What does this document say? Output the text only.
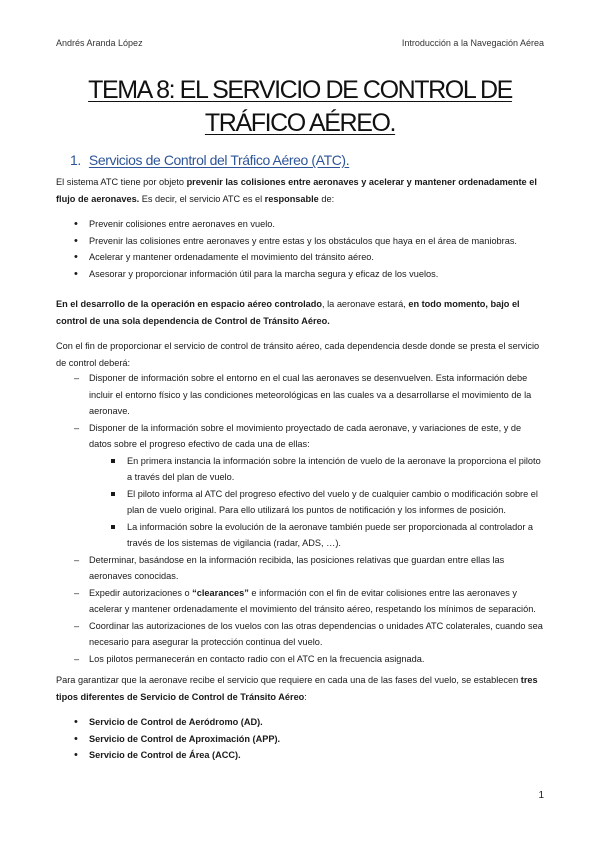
Andrés Aranda López	Introducción a la Navegación Aérea
TEMA 8: EL SERVICIO DE CONTROL DE
TRÁFICO AÉREO.
1. Servicios de Control del Tráfico Aéreo (ATC).

El sistema ATC tiene por objeto prevenir las colisiones entre aeronaves y acelerar y mantener ordenadamente el flujo de aeronaves. Es decir, el servicio ATC es el responsable de:

• Prevenir colisiones entre aeronaves en vuelo.
• Prevenir las colisiones entre aeronaves y entre estas y los obstáculos que haya en el área de maniobras.
• Acelerar y mantener ordenadamente el movimiento del tránsito aéreo.
• Asesorar y proporcionar información útil para la marcha segura y eficaz de los vuelos.

En el desarrollo de la operación en espacio aéreo controlado, la aeronave estará, en todo momento, bajo el control de una sola dependencia de Control de Tránsito Aéreo.

Con el fin de proporcionar el servicio de control de tránsito aéreo, cada dependencia desde donde se presta el servicio de control deberá:

– Disponer de información sobre el entorno en el cual las aeronaves se desenvuelven. Esta información debe incluir el entorno físico y las condiciones meteorológicas en las cuales va a desarrollarse el movimiento de la aeronave.
– Disponer de la información sobre el movimiento proyectado de cada aeronave, y variaciones de este, y de datos sobre el progreso efectivo de cada una de ellas:
En primera instancia la información sobre la intención de vuelo de la aeronave la proporciona el piloto a través del plan de vuelo.
El piloto informa al ATC del progreso efectivo del vuelo y de cualquier cambio o modificación sobre el plan de vuelo original. Para ello utilizará los puntos de notificación y los informes de posición.
La información sobre la evolución de la aeronave también puede ser proporcionada al controlador a través de los sistemas de vigilancia (radar, ADS, …).
– Determinar, basándose en la información recibida, las posiciones relativas que guardan entre ellas las aeronaves conocidas.
– Expedir autorizaciones o “clearances” e información con el fin de evitar colisiones entre las aeronaves y acelerar y mantener ordenadamente el movimiento del tránsito aéreo, respetando los mínimos de separación.
– Coordinar las autorizaciones de los vuelos con las otras dependencias o unidades ATC colaterales, cuando sea necesario para asegurar la protección continua del vuelo.
– Los pilotos permanecerán en contacto radio con el ATC en la frecuencia asignada.

Para garantizar que la aeronave recibe el servicio que requiere en cada una de las fases del vuelo, se establecen tres tipos diferentes de Servicio de Control de Tránsito Aéreo:

• Servicio de Control de Aeródromo (AD).
• Servicio de Control de Aproximación (APP).
• Servicio de Control de Área (ACC).
1
